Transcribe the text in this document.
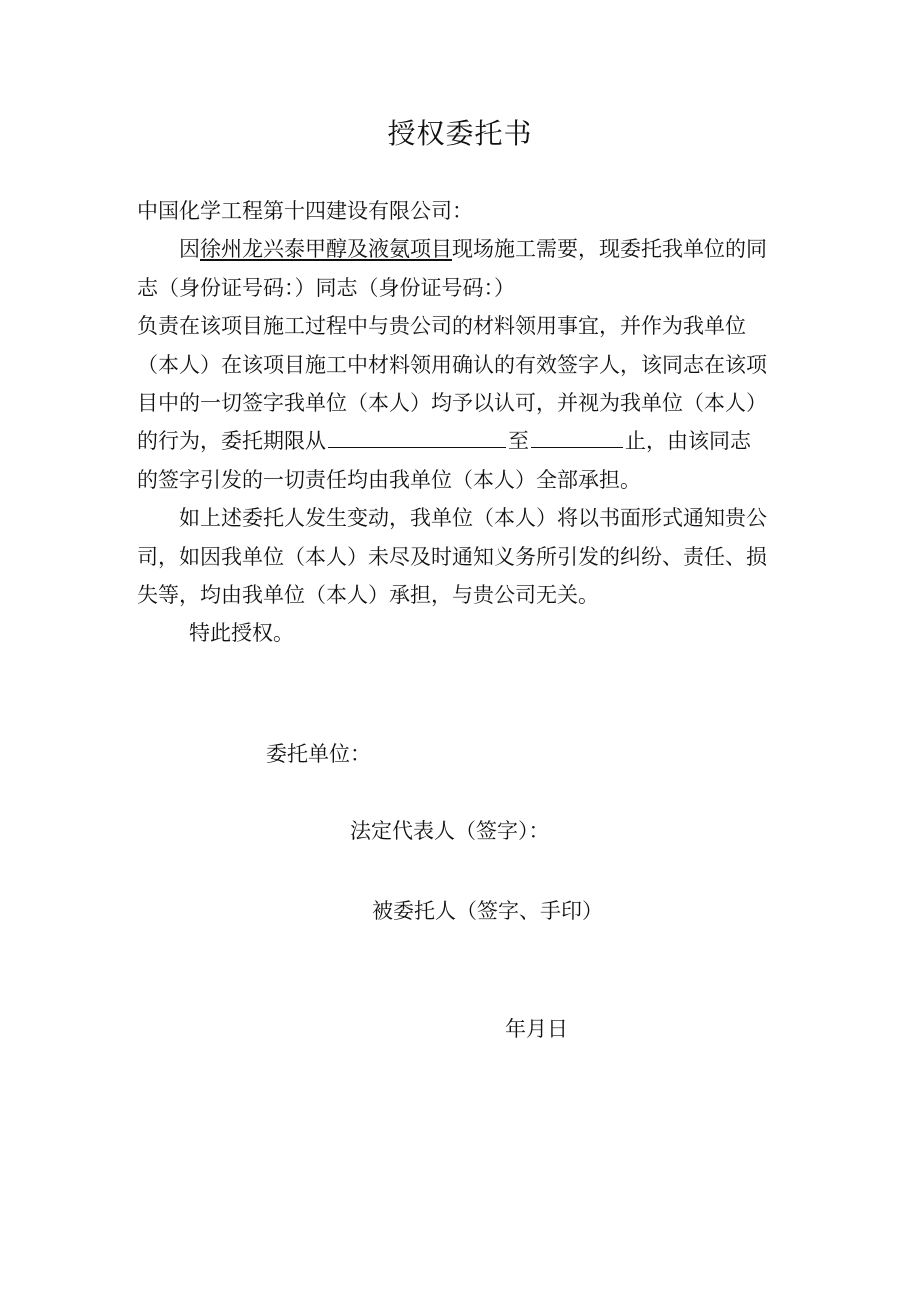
授权委托书
中国化学工程第十四建设有限公司：
因徐州龙兴泰甲醇及液氨项目现场施工需要，现委托我单位的同
志（身份证号码：）同志（身份证号码：）
负责在该项目施工过程中与贵公司的材料领用事宜，并作为我单位
（本人）在该项目施工中材料领用确认的有效签字人，该同志在该项
目中的一切签字我单位（本人）均予以认可，并视为我单位（本人）
的行为，委托期限从	至	止，由该同志
的签字引发的一切责任均由我单位（本人）全部承担。
如上述委托人发生变动，我单位（本人）将以书面形式通知贵公
司，如因我单位（本人）未尽及时通知义务所引发的纠纷、责任、损
失等，均由我单位（本人）承担，与贵公司无关。
特此授权。
委托单位：
法定代表人（签字）：
被委托人（签字、手印）
年月日
